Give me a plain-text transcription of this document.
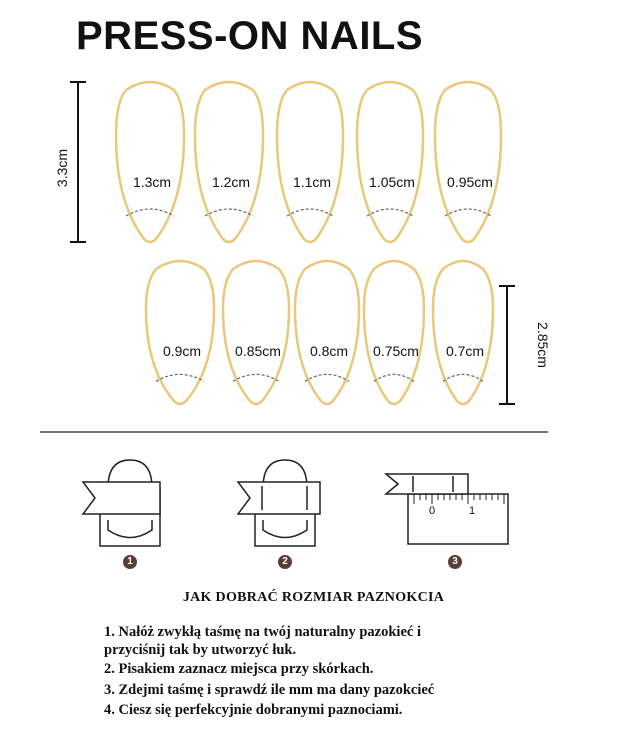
PRESS-ON NAILS
0	1
3.3cm
2.85cm
1.3cm	1.2cm	1.1cm	1.05cm 0.95cm
0.9cm 0.85cm 0.8cm 0.75cm 0.7cm
1	2	3
JAK DOBRAĆ ROZMIAR PAZNOKCIA
1. Nałóż zwykłą taśmę na twój naturalny pazokieć i
przyciśnij tak by utworzyć łuk.
2. Pisakiem zaznacz miejsca przy skórkach.
3. Zdejmi taśmę i sprawdź ile mm ma dany pazokcieć
4. Ciesz się perfekcyjnie dobranymi paznociami.
